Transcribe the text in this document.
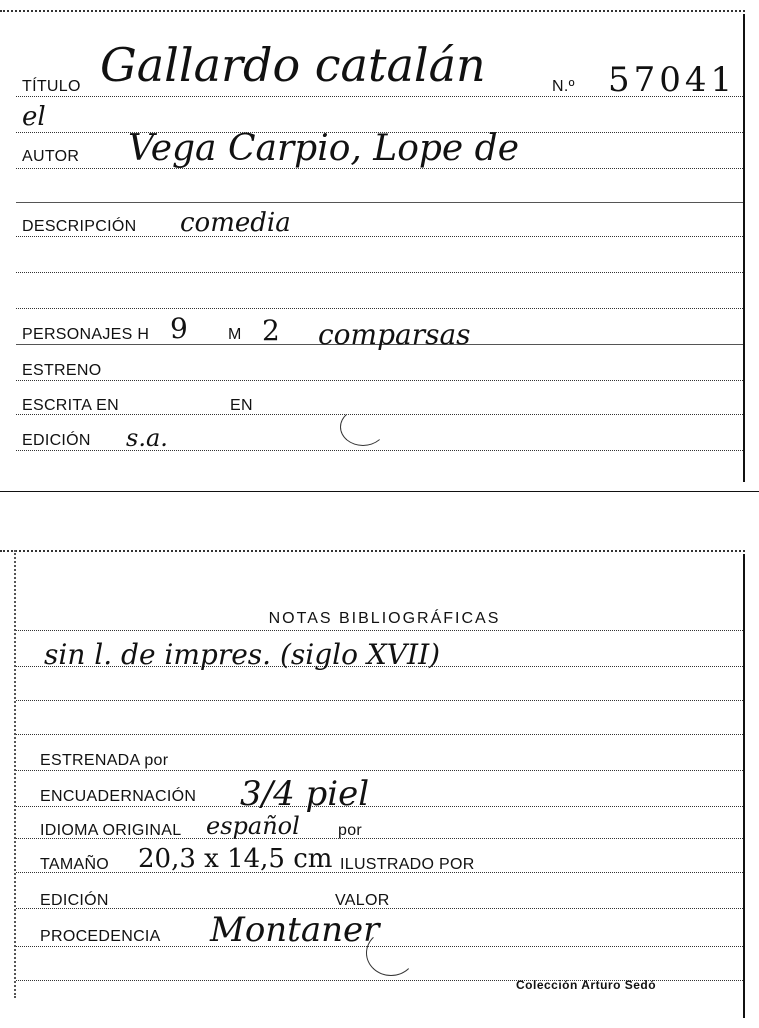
TÍTULO Gallardo catalán	N.º 57041
el
AUTOR Vega Carpio, Lope de
DESCRIPCIÓN comedia
PERSONAJES H 9	M 2 comparsas
ESTRENO
ESCRITA EN	EN
EDICIÓN s.a.
NOTAS BIBLIOGRÁFICAS
sin l. de impres. (siglo XVII)
ESTRENADA por
ENCUADERNACIÓN 3/4 piel
IDIOMA ORIGINAL español por
TAMAÑO 20,3 x 14,5 cm ILUSTRADO POR
EDICIÓN	VALOR
PROCEDENCIA Montaner
Colección Arturo Sedó
